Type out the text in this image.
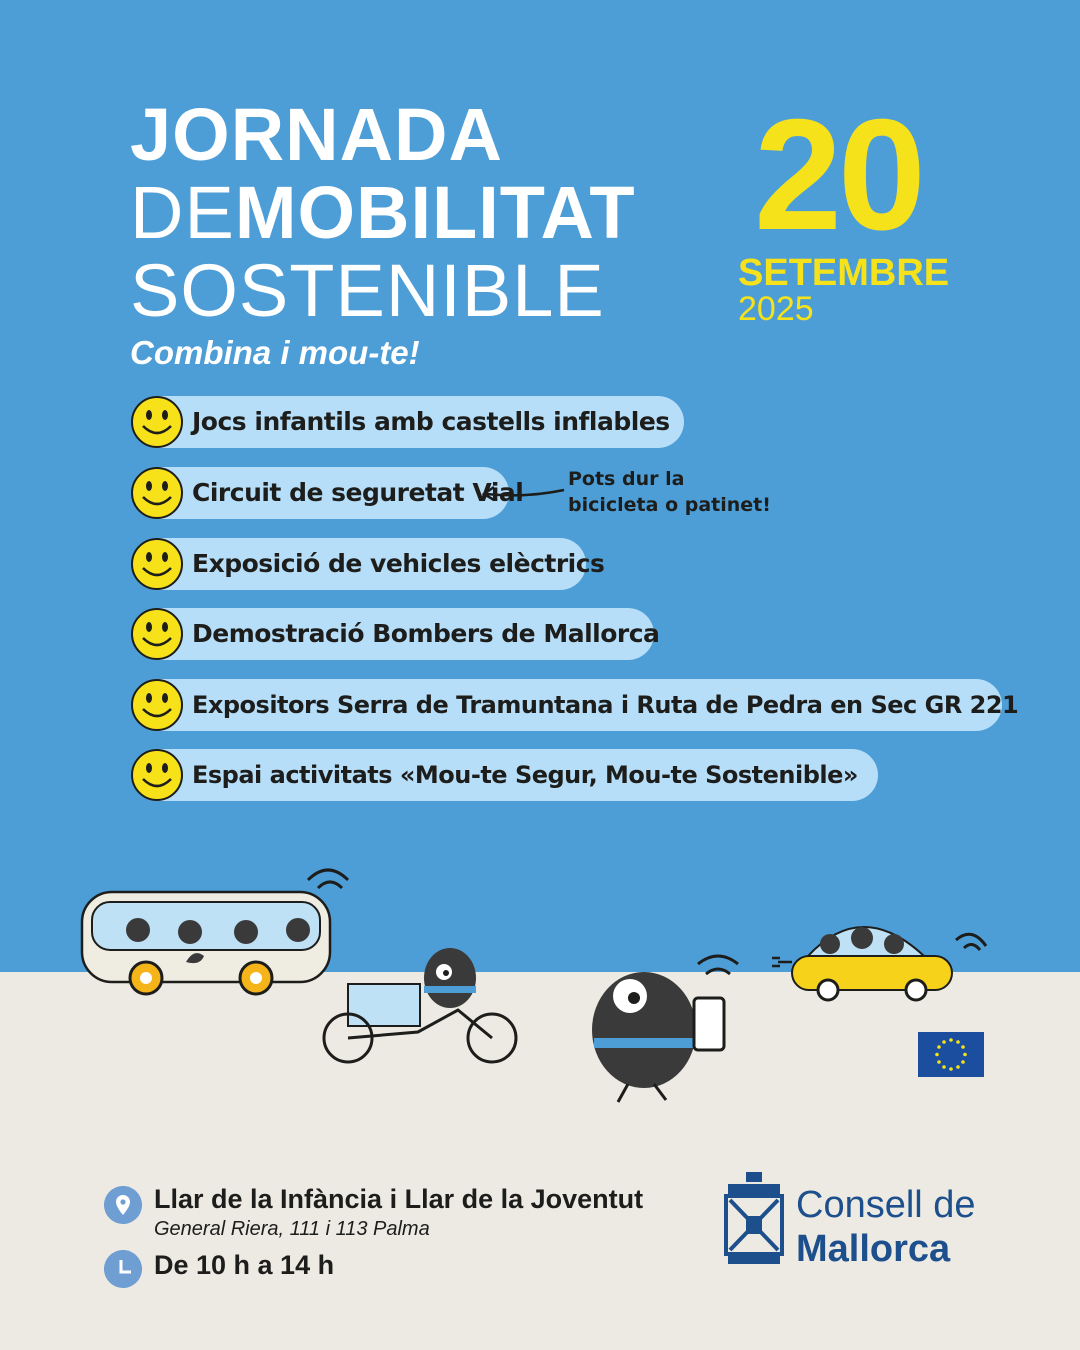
JORNADA
DEMOBILITAT
SOSTENIBLE
Combina i mou-te!
20
SETEMBRE
2025
Jocs infantils amb castells inflables
Circuit de seguretat Vial
Exposició de vehicles elèctrics
Demostració Bombers de Mallorca
Expositors Serra de Tramuntana i Ruta de Pedra en Sec GR 221
Espai activitats «Mou-te Segur, Mou-te Sostenible»
Pots dur la
bicicleta o patinet!
Llar de la Infància i Llar de la Joventut
General Riera, 111 i 113 Palma
De 10 h a 14 h
Consell de
Mallorca
